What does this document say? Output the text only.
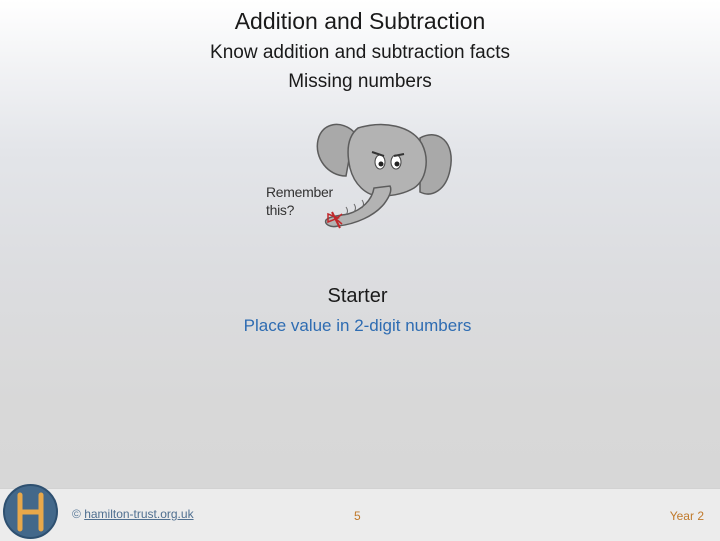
Addition and Subtraction
Know addition and subtraction facts
Missing numbers
Remember
this?
Starter
Place value in 2-digit numbers
© hamilton-trust.org.uk	5	Year 2
